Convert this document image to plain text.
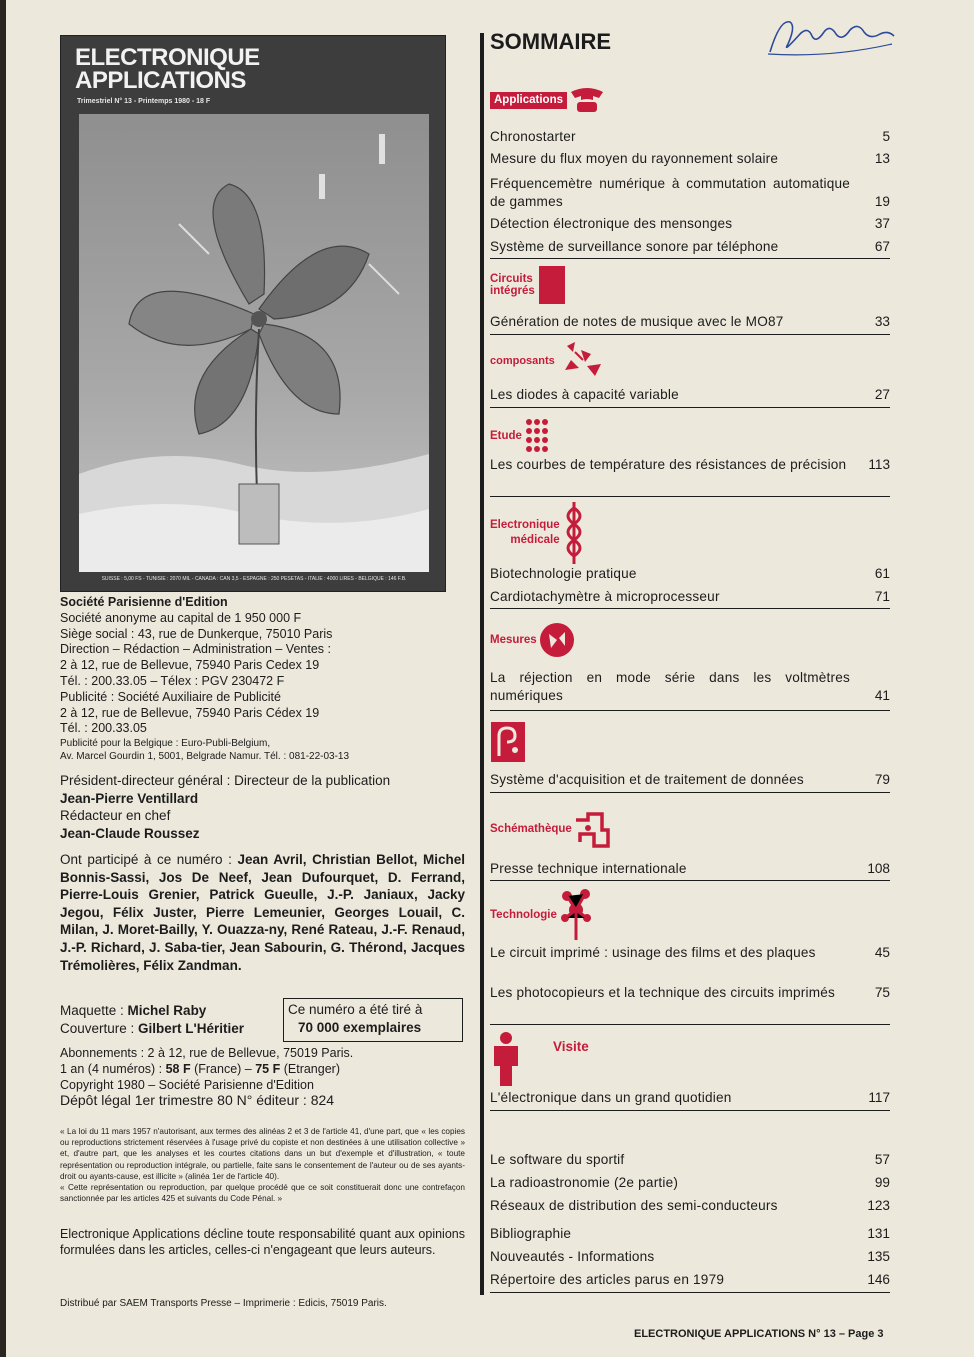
ELECTRONIQUE
APPLICATIONS
Trimestriel N° 13 - Printemps 1980 - 18 F
SUISSE : 5,00 FS - TUNISIE : 2070 MIL - CANADA : CAN 3,5 - ESPAGNE : 250 PESETAS - ITALIE : 4000 LIRES - BELGIQUE : 146 F.B.
Société Parisienne d'Edition
Société anonyme au capital de 1 950 000 F
Siège social : 43, rue de Dunkerque, 75010 Paris
Direction – Rédaction – Administration – Ventes :
2 à 12, rue de Bellevue, 75940 Paris Cedex 19
Tél. : 200.33.05 – Télex : PGV 230472 F
Publicité : Société Auxiliaire de Publicité
2 à 12, rue de Bellevue, 75940 Paris Cédex 19
Tél. : 200.33.05
Publicité pour la Belgique : Euro-Publi-Belgium,
Av. Marcel Gourdin 1, 5001, Belgrade Namur. Tél. : 081-22-03-13
Président-directeur général : Directeur de la publication
Jean-Pierre Ventillard
Rédacteur en chef
Jean-Claude Roussez
Ont participé à ce numéro : Jean Avril, Christian Bellot, Michel Bonnis-Sassi, Jos De Neef, Jean Dufourquet, D. Ferrand, Pierre-Louis Grenier, Patrick Gueulle, J.-P. Janiaux, Jacky Jegou, Félix Juster, Pierre Lemeunier, Georges Louail, C. Milan, J. Moret-Bailly, Y. Ouazza-ny, René Rateau, J.-F. Renaud, J.-P. Richard, J. Saba-tier, Jean Sabourin, G. Thérond, Jacques Trémolières, Félix Zandman.
Maquette : Michel Raby
Couverture : Gilbert L'Héritier
Ce numéro a été tiré à
70 000 exemplaires
Abonnements : 2 à 12, rue de Bellevue, 75019 Paris.
1 an (4 numéros) : 58 F (France) – 75 F (Etranger)
Copyright 1980 – Société Parisienne d'Edition
Dépôt légal 1er trimestre 80 N° éditeur : 824
« La loi du 11 mars 1957 n'autorisant, aux termes des alinéas 2 et 3 de l'article 41, d'une part, que « les copies ou reproductions strictement réservées à l'usage privé du copiste et non destinées à une utilisation collective » et, d'autre part, que les analyses et les courtes citations dans un but d'exemple et d'illustration, « toute représentation ou reproduction intégrale, ou partielle, faite sans le consentement de l'auteur ou de ses ayants-droit ou ayants-cause, est illicite » (alinéa 1er de l'article 40).
« Cette représentation ou reproduction, par quelque procédé que ce soit constituerait donc une contrefaçon sanctionnée par les articles 425 et suivants du Code Pénal. »
Electronique Applications décline toute responsabilité quant aux opinions formulées dans les articles, celles-ci n'engageant que leurs auteurs.
Distribué par SAEM Transports Presse – Imprimerie : Edicis, 75019 Paris.
SOMMAIRE
Applications
Chronostarter	5
Mesure du flux moyen du rayonnement solaire	13
Fréquencemètre numérique à commutation automatique de gammes	19
Détection électronique des mensonges	37
Système de surveillance sonore par téléphone	67
Circuits
intégrés
Génération de notes de musique avec le MO87	33
composants
Les diodes à capacité variable	27
Etude
Les courbes de température des résistances de précision	113
Electronique
médicale
Biotechnologie pratique	61
Cardiotachymètre à microprocesseur	71
Mesures
La réjection en mode série dans les voltmètres numériques	41
Système d'acquisition et de traitement de données	79
Schémathèque
Presse technique internationale	108
Technologie
Le circuit imprimé : usinage des films et des plaques	45
Les photocopieurs et la technique des circuits imprimés	75
Visite
L'électronique dans un grand quotidien	117
Le software du sportif	57
La radioastronomie (2e partie)	99
Réseaux de distribution des semi-conducteurs	123
Bibliographie	131
Nouveautés - Informations	135
Répertoire des articles parus en 1979	146
ELECTRONIQUE APPLICATIONS N° 13 – Page 3
